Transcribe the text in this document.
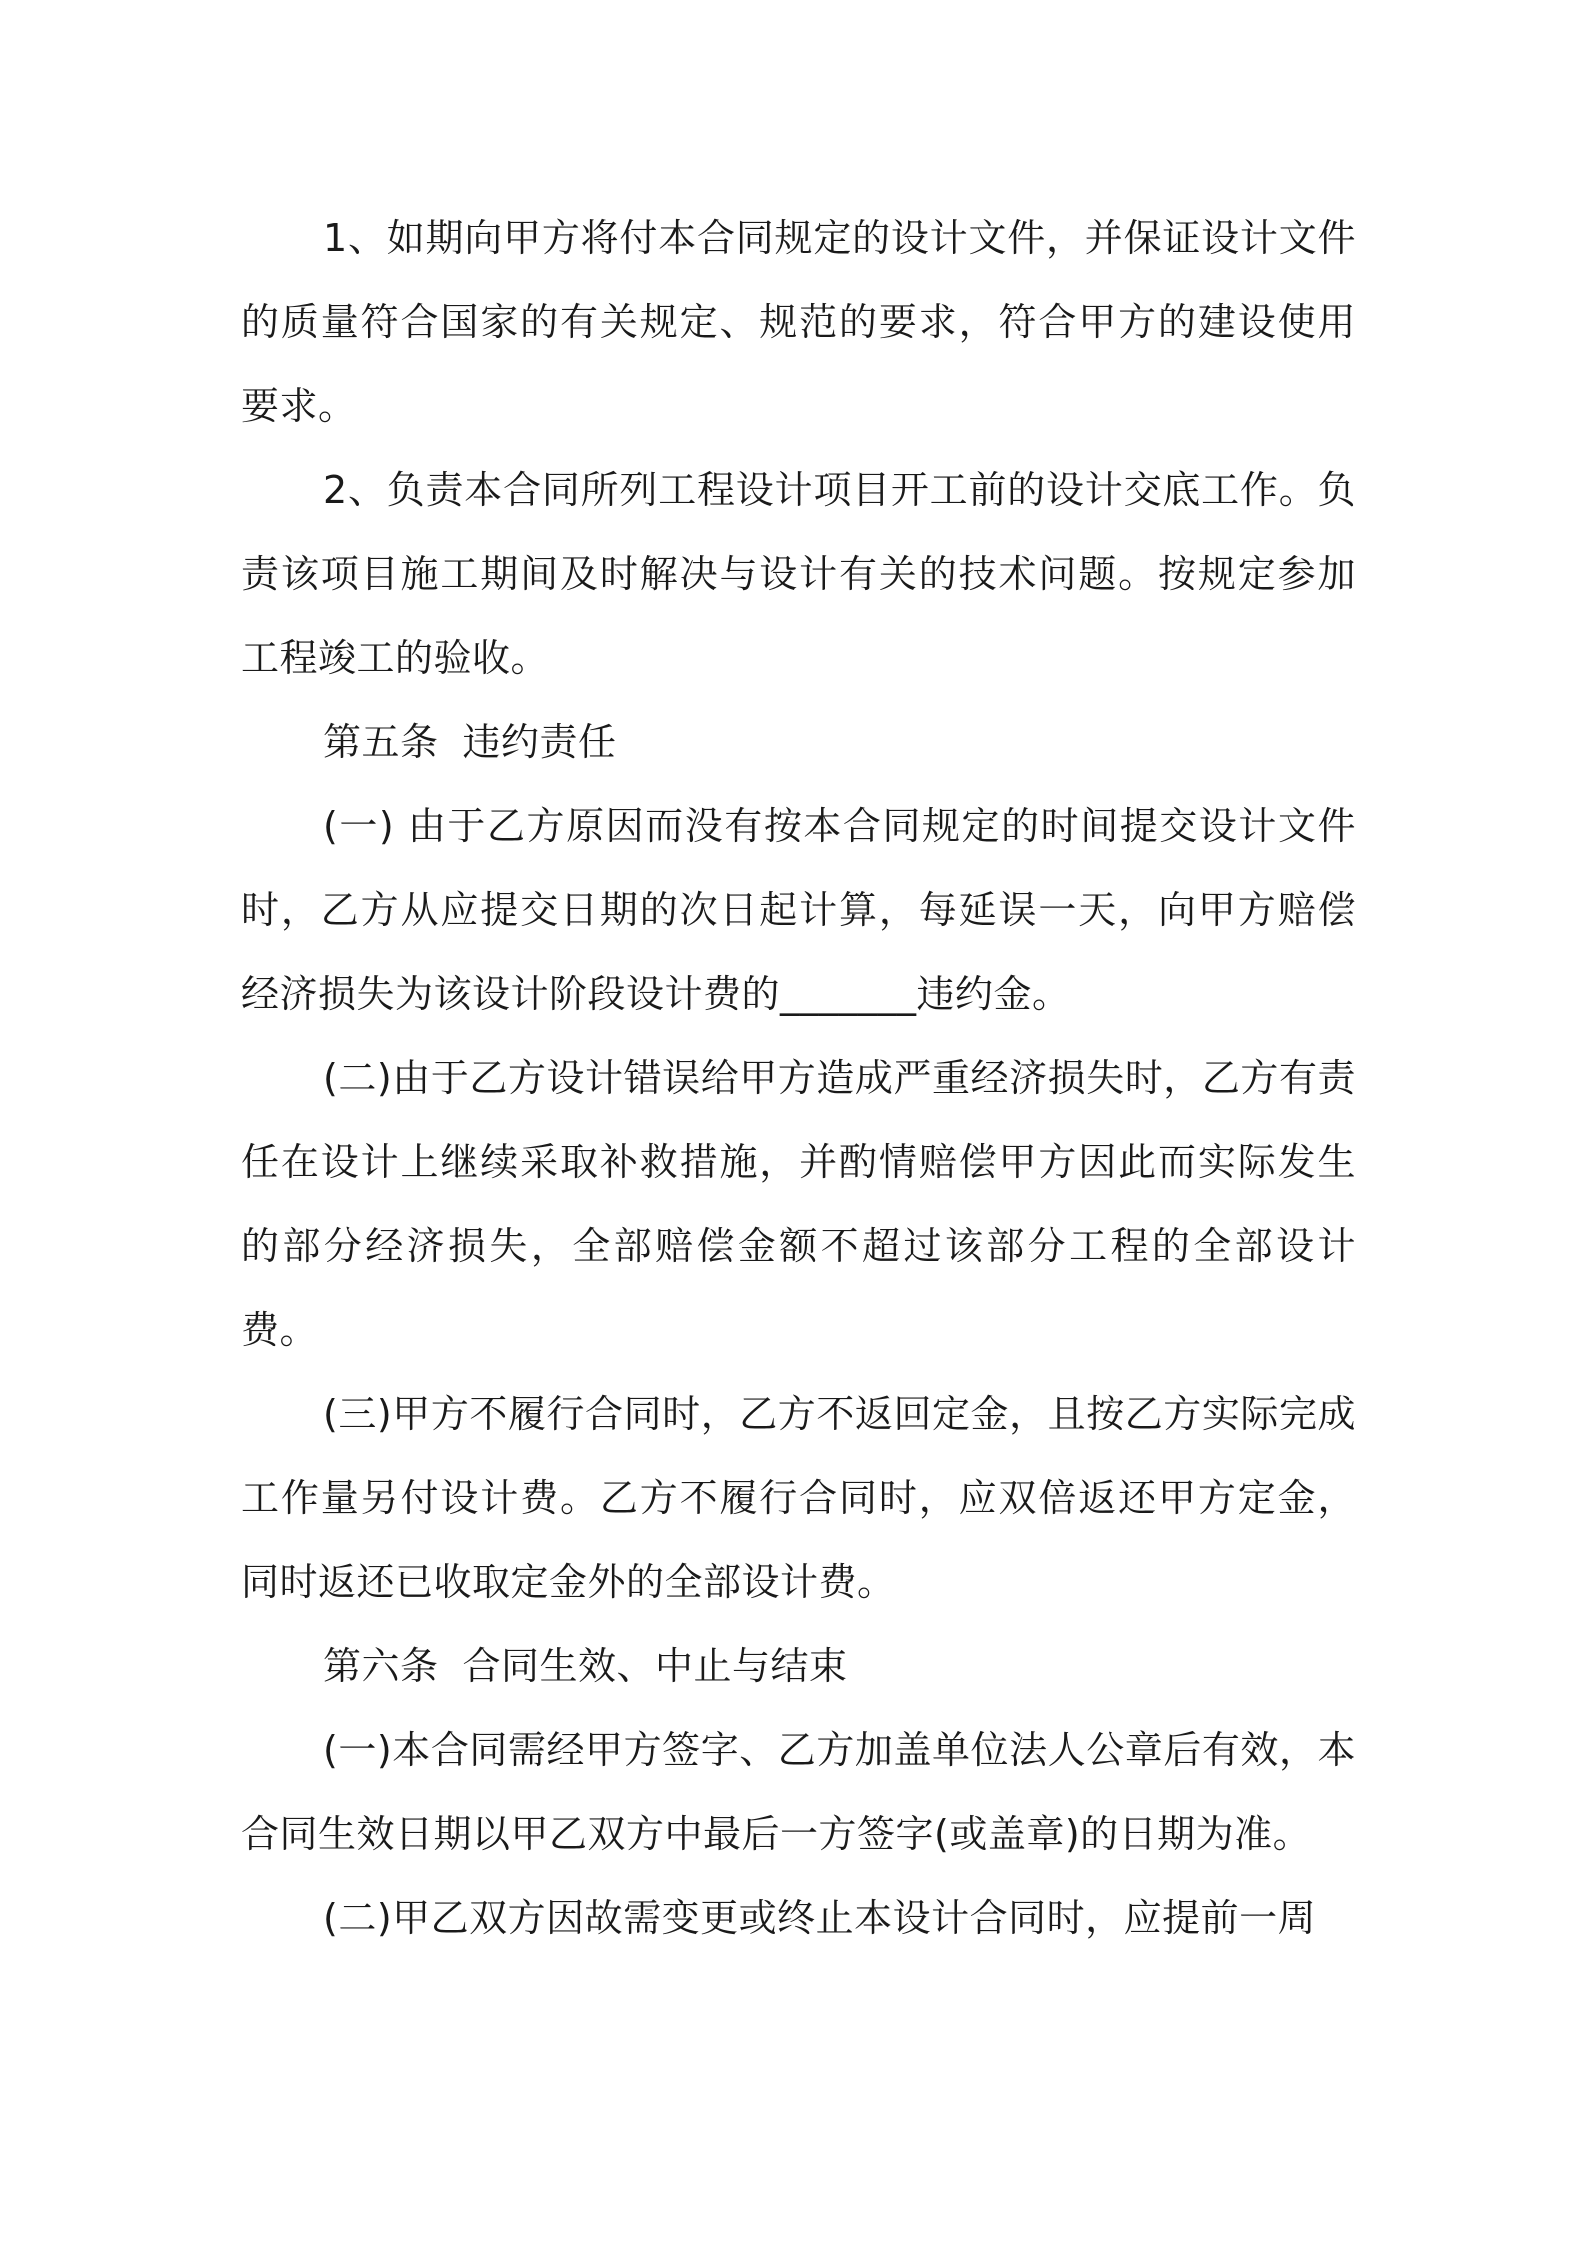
1、如期向甲方将付本合同规定的设计文件，并保证设计文件的质量符合国家的有关规定、规范的要求，符合甲方的建设使用要求。

2、负责本合同所列工程设计项目开工前的设计交底工作。负责该项目施工期间及时解决与设计有关的技术问题。按规定参加工程竣工的验收。

第五条 违约责任

(一) 由于乙方原因而没有按本合同规定的时间提交设计文件时，乙方从应提交日期的次日起计算，每延误一天，向甲方赔偿经济损失为该设计阶段设计费的_______违约金。

(二)由于乙方设计错误给甲方造成严重经济损失时，乙方有责任在设计上继续采取补救措施，并酌情赔偿甲方因此而实际发生的部分经济损失，全部赔偿金额不超过该部分工程的全部设计费。

(三)甲方不履行合同时，乙方不返回定金，且按乙方实际完成工作量另付设计费。乙方不履行合同时，应双倍返还甲方定金，同时返还已收取定金外的全部设计费。

第六条 合同生效、中止与结束

(一)本合同需经甲方签字、乙方加盖单位法人公章后有效，本合同生效日期以甲乙双方中最后一方签字(或盖章)的日期为准。

(二)甲乙双方因故需变更或终止本设计合同时，应提前一周
